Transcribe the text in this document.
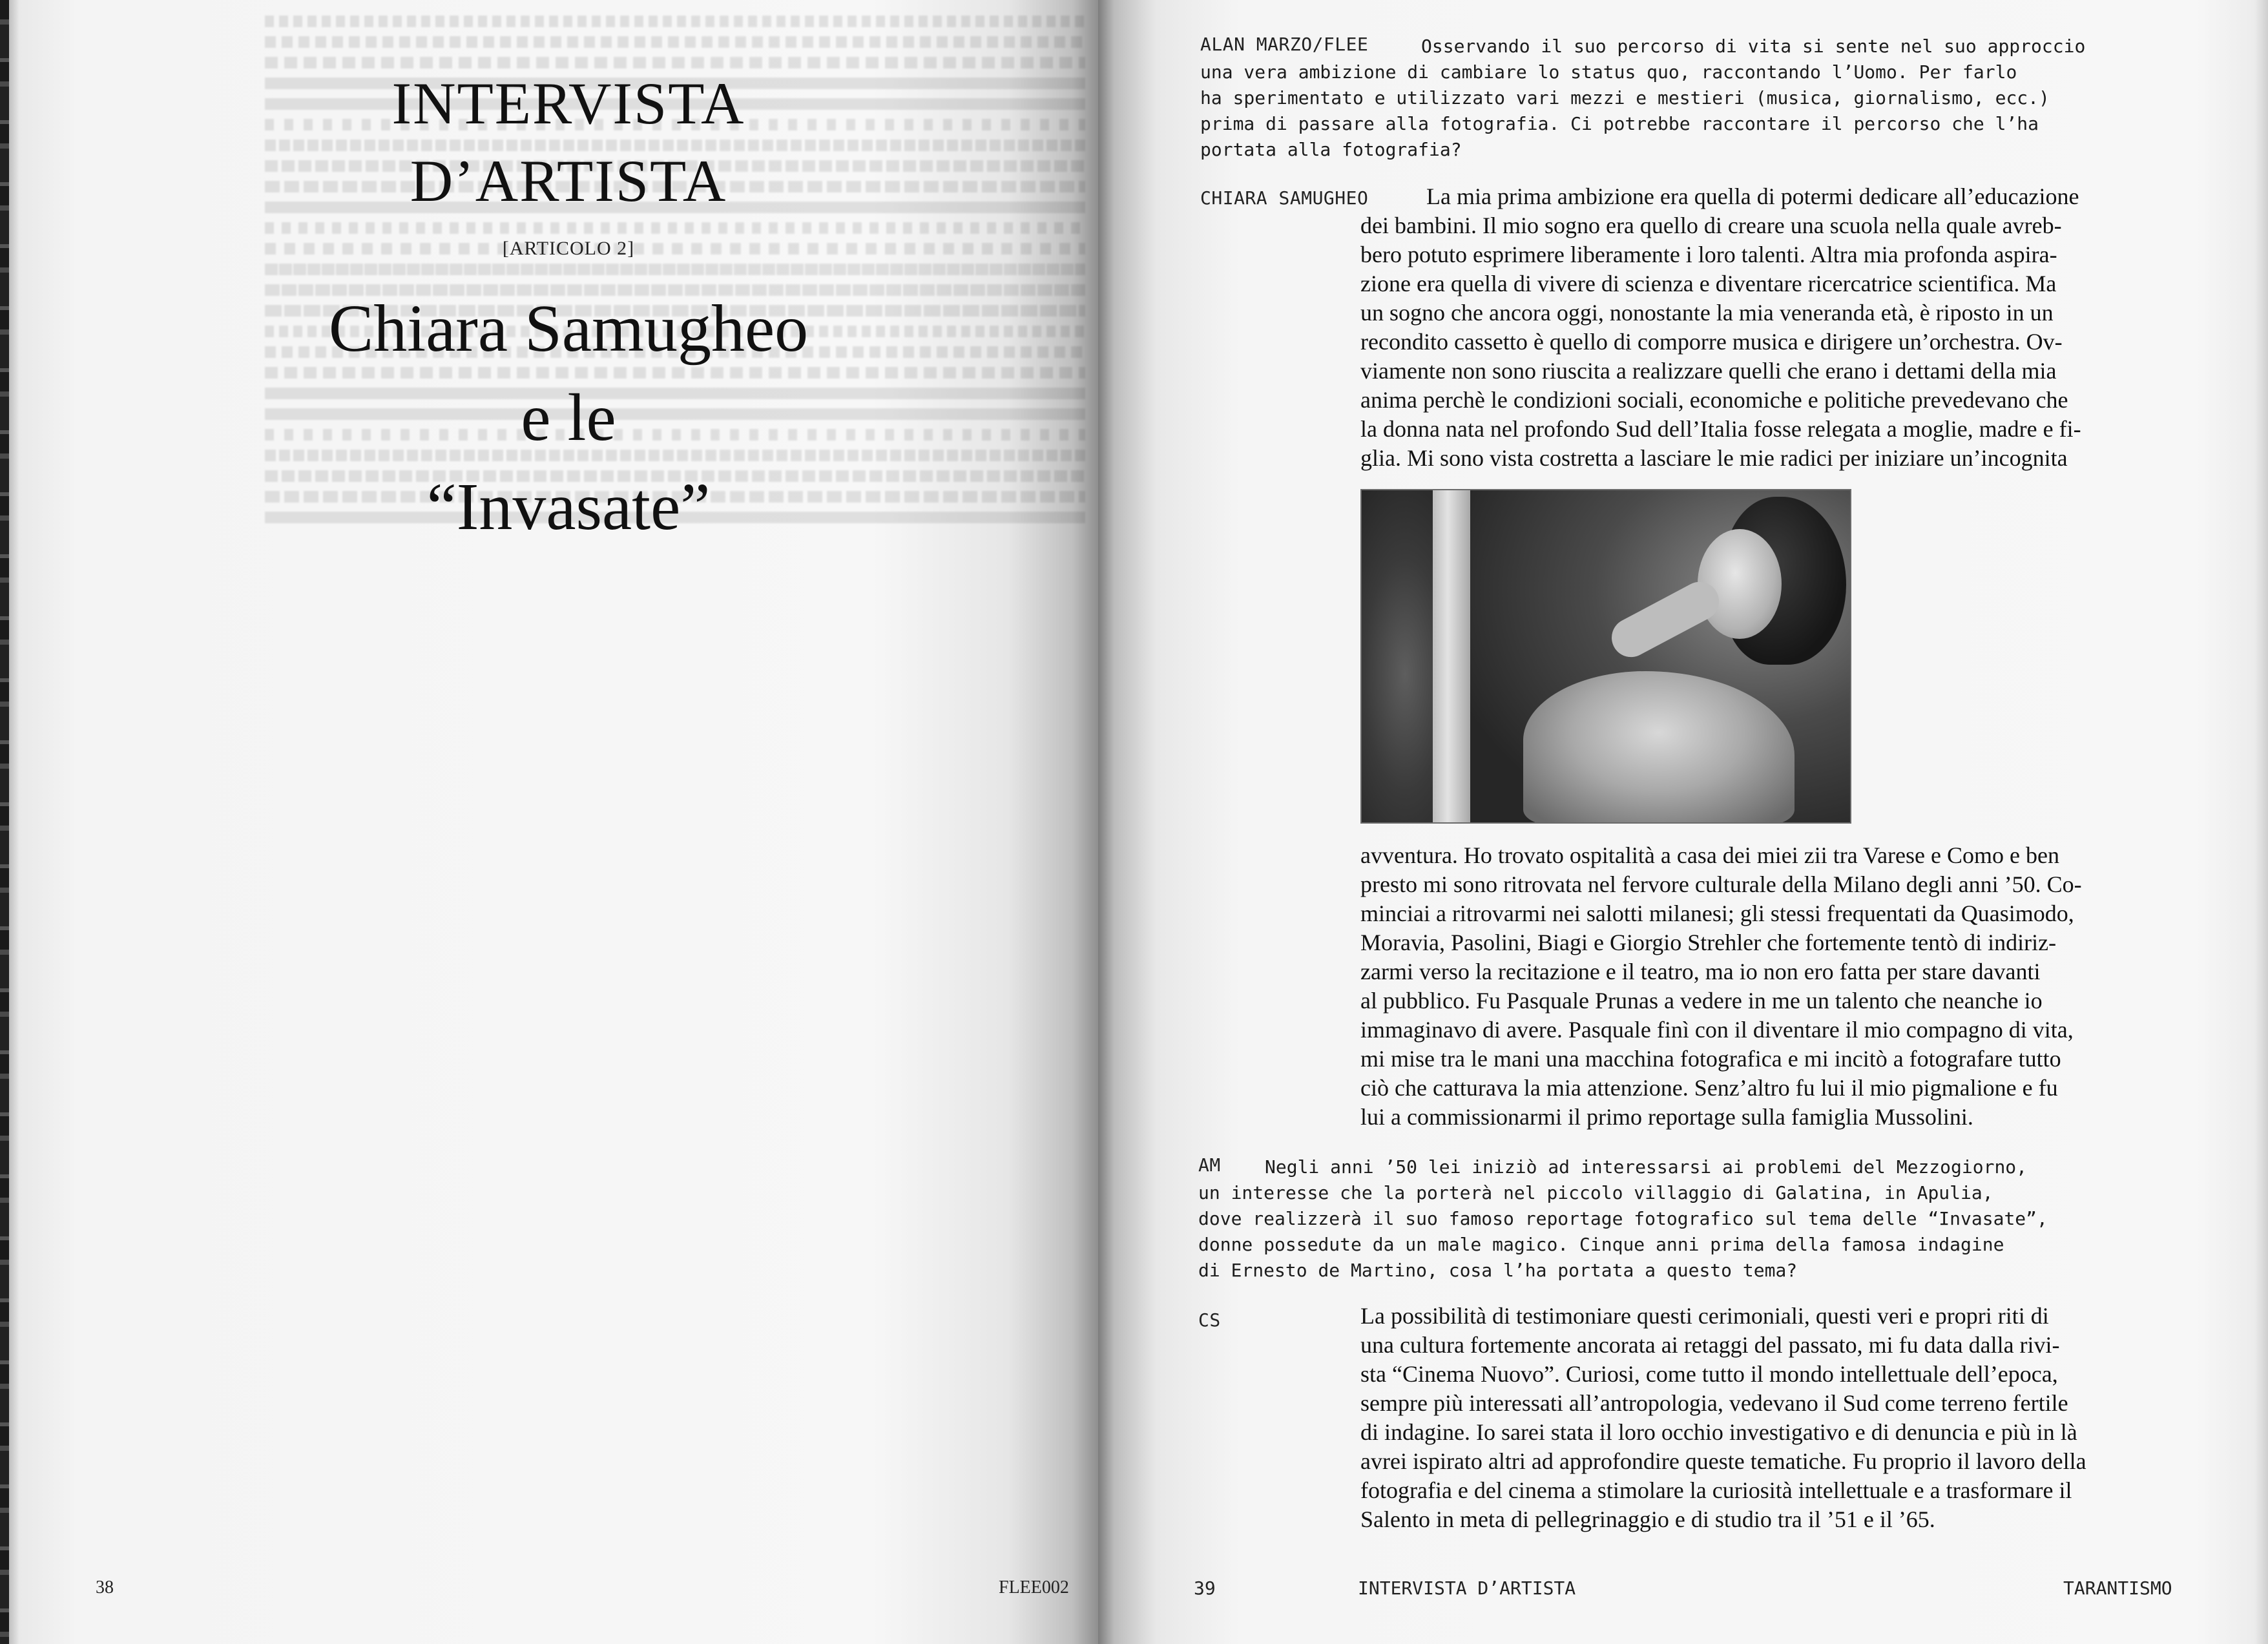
INTERVISTA
D’ARTISTA
[ARTICOLO 2]
Chiara Samugheo
e le
“Invasate”
38	FLEE002
ALAN MARZO/FLEE	Osservando il suo percorso di vita si sente nel suo approccio
una vera ambizione di cambiare lo status quo, raccontando l’Uomo. Per farlo
ha sperimentato e utilizzato vari mezzi e mestieri (musica, giornalismo, ecc.)
prima di passare alla fotografia. Ci potrebbe raccontare il percorso che l’ha
portata alla fotografia?
CHIARA SAMUGHEO	La mia prima ambizione era quella di potermi dedicare all’educazione
dei bambini. Il mio sogno era quello di creare una scuola nella quale avreb-
bero potuto esprimere liberamente i loro talenti. Altra mia profonda aspira-
zione era quella di vivere di scienza e diventare ricercatrice scientifica. Ma
un sogno che ancora oggi, nonostante la mia veneranda età, è riposto in un
recondito cassetto è quello di comporre musica e dirigere un’orchestra. Ov-
viamente non sono riuscita a realizzare quelli che erano i dettami della mia
anima perchè le condizioni sociali, economiche e politiche prevedevano che
la donna nata nel profondo Sud dell’Italia fosse relegata a moglie, madre e fi-
glia. Mi sono vista costretta a lasciare le mie radici per iniziare un’incognita
avventura. Ho trovato ospitalità a casa dei miei zii tra Varese e Como e ben
presto mi sono ritrovata nel fervore culturale della Milano degli anni ’50. Co-
minciai a ritrovarmi nei salotti milanesi; gli stessi frequentati da Quasimodo,
Moravia, Pasolini, Biagi e Giorgio Strehler che fortemente tentò di indiriz-
zarmi verso la recitazione e il teatro, ma io non ero fatta per stare davanti
al pubblico. Fu Pasquale Prunas a vedere in me un talento che neanche io
immaginavo di avere. Pasquale finì con il diventare il mio compagno di vita,
mi mise tra le mani una macchina fotografica e mi incitò a fotografare tutto
ciò che catturava la mia attenzione. Senz’altro fu lui il mio pigmalione e fu
lui a commissionarmi il primo reportage sulla famiglia Mussolini.
AM Negli anni ’50 lei iniziò ad interessarsi ai problemi del Mezzogiorno,
un interesse che la porterà nel piccolo villaggio di Galatina, in Apulia,
dove realizzerà il suo famoso reportage fotografico sul tema delle “Invasate”,
donne possedute da un male magico. Cinque anni prima della famosa indagine
di Ernesto de Martino, cosa l’ha portata a questo tema?
CS	La possibilità di testimoniare questi cerimoniali, questi veri e propri riti di
una cultura fortemente ancorata ai retaggi del passato, mi fu data dalla rivi-
sta “Cinema Nuovo”. Curiosi, come tutto il mondo intellettuale dell’epoca,
sempre più interessati all’antropologia, vedevano il Sud come terreno fertile
di indagine. Io sarei stata il loro occhio investigativo e di denuncia e più in là
avrei ispirato altri ad approfondire queste tematiche. Fu proprio il lavoro della
fotografia e del cinema a stimolare la curiosità intellettuale e a trasformare il
Salento in meta di pellegrinaggio e di studio tra il ’51 e il ’65.
39	INTERVISTA D’ARTISTA	TARANTISMO
